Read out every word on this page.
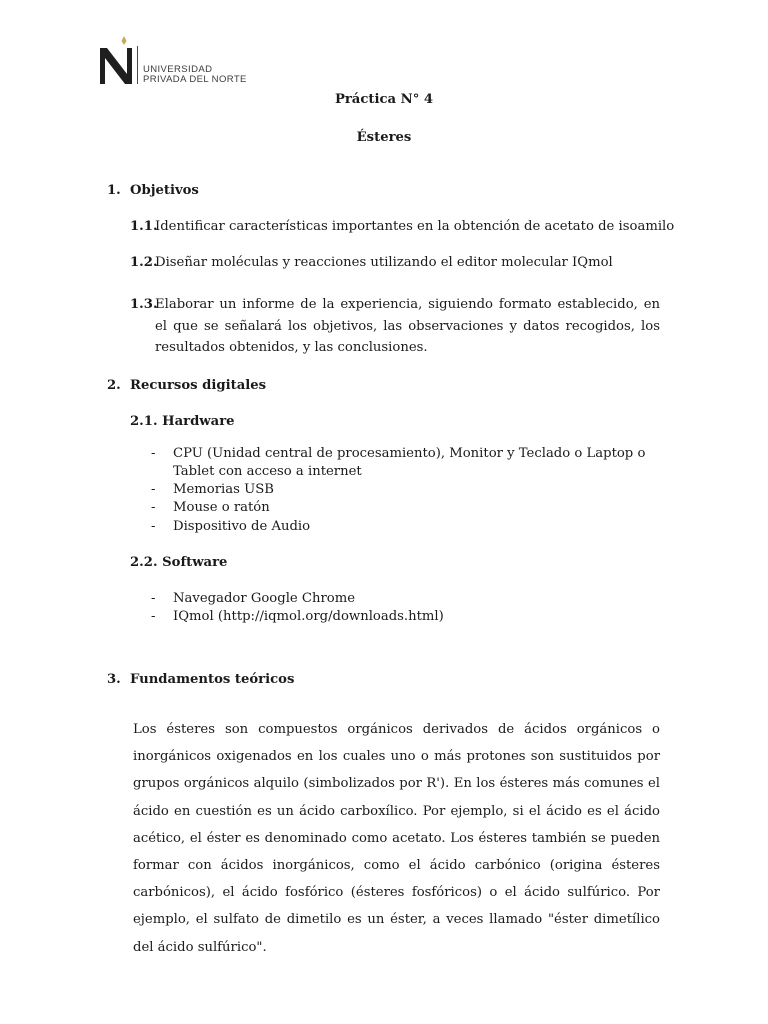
UNIVERSIDAD
PRIVADA DEL NORTE
Práctica N° 4
Ésteres
1. Objetivos
1.1.
Identificar características importantes en la obtención de acetato de isoamilo
1.2.
Diseñar moléculas y reacciones utilizando el editor molecular IQmol
1.3.
Elaborar un informe de la experiencia, siguiendo formato establecido, en el que se señalará los objetivos, las observaciones y datos recogidos, los resultados obtenidos, y las conclusiones.
2. Recursos digitales
2.1. Hardware
- CPU (Unidad central de procesamiento), Monitor y Teclado o Laptop o Tablet con acceso a internet
- Memorias USB
- Mouse o ratón
- Dispositivo de Audio
2.2. Software
- Navegador Google Chrome
- IQmol (http://iqmol.org/downloads.html)
3. Fundamentos teóricos
Los ésteres son compuestos orgánicos derivados de ácidos orgánicos o inorgánicos oxigenados en los cuales uno o más protones son sustituidos por grupos orgánicos alquilo (simbolizados por R'). En los ésteres más comunes el ácido en cuestión es un ácido carboxílico. Por ejemplo, si el ácido es el ácido acético, el éster es denominado como acetato. Los ésteres también se pueden formar con ácidos inorgánicos, como el ácido carbónico (origina ésteres carbónicos), el ácido fosfórico (ésteres fosfóricos) o el ácido sulfúrico. Por ejemplo, el sulfato de dimetilo es un éster, a veces llamado "éster dimetílico del ácido sulfúrico".
